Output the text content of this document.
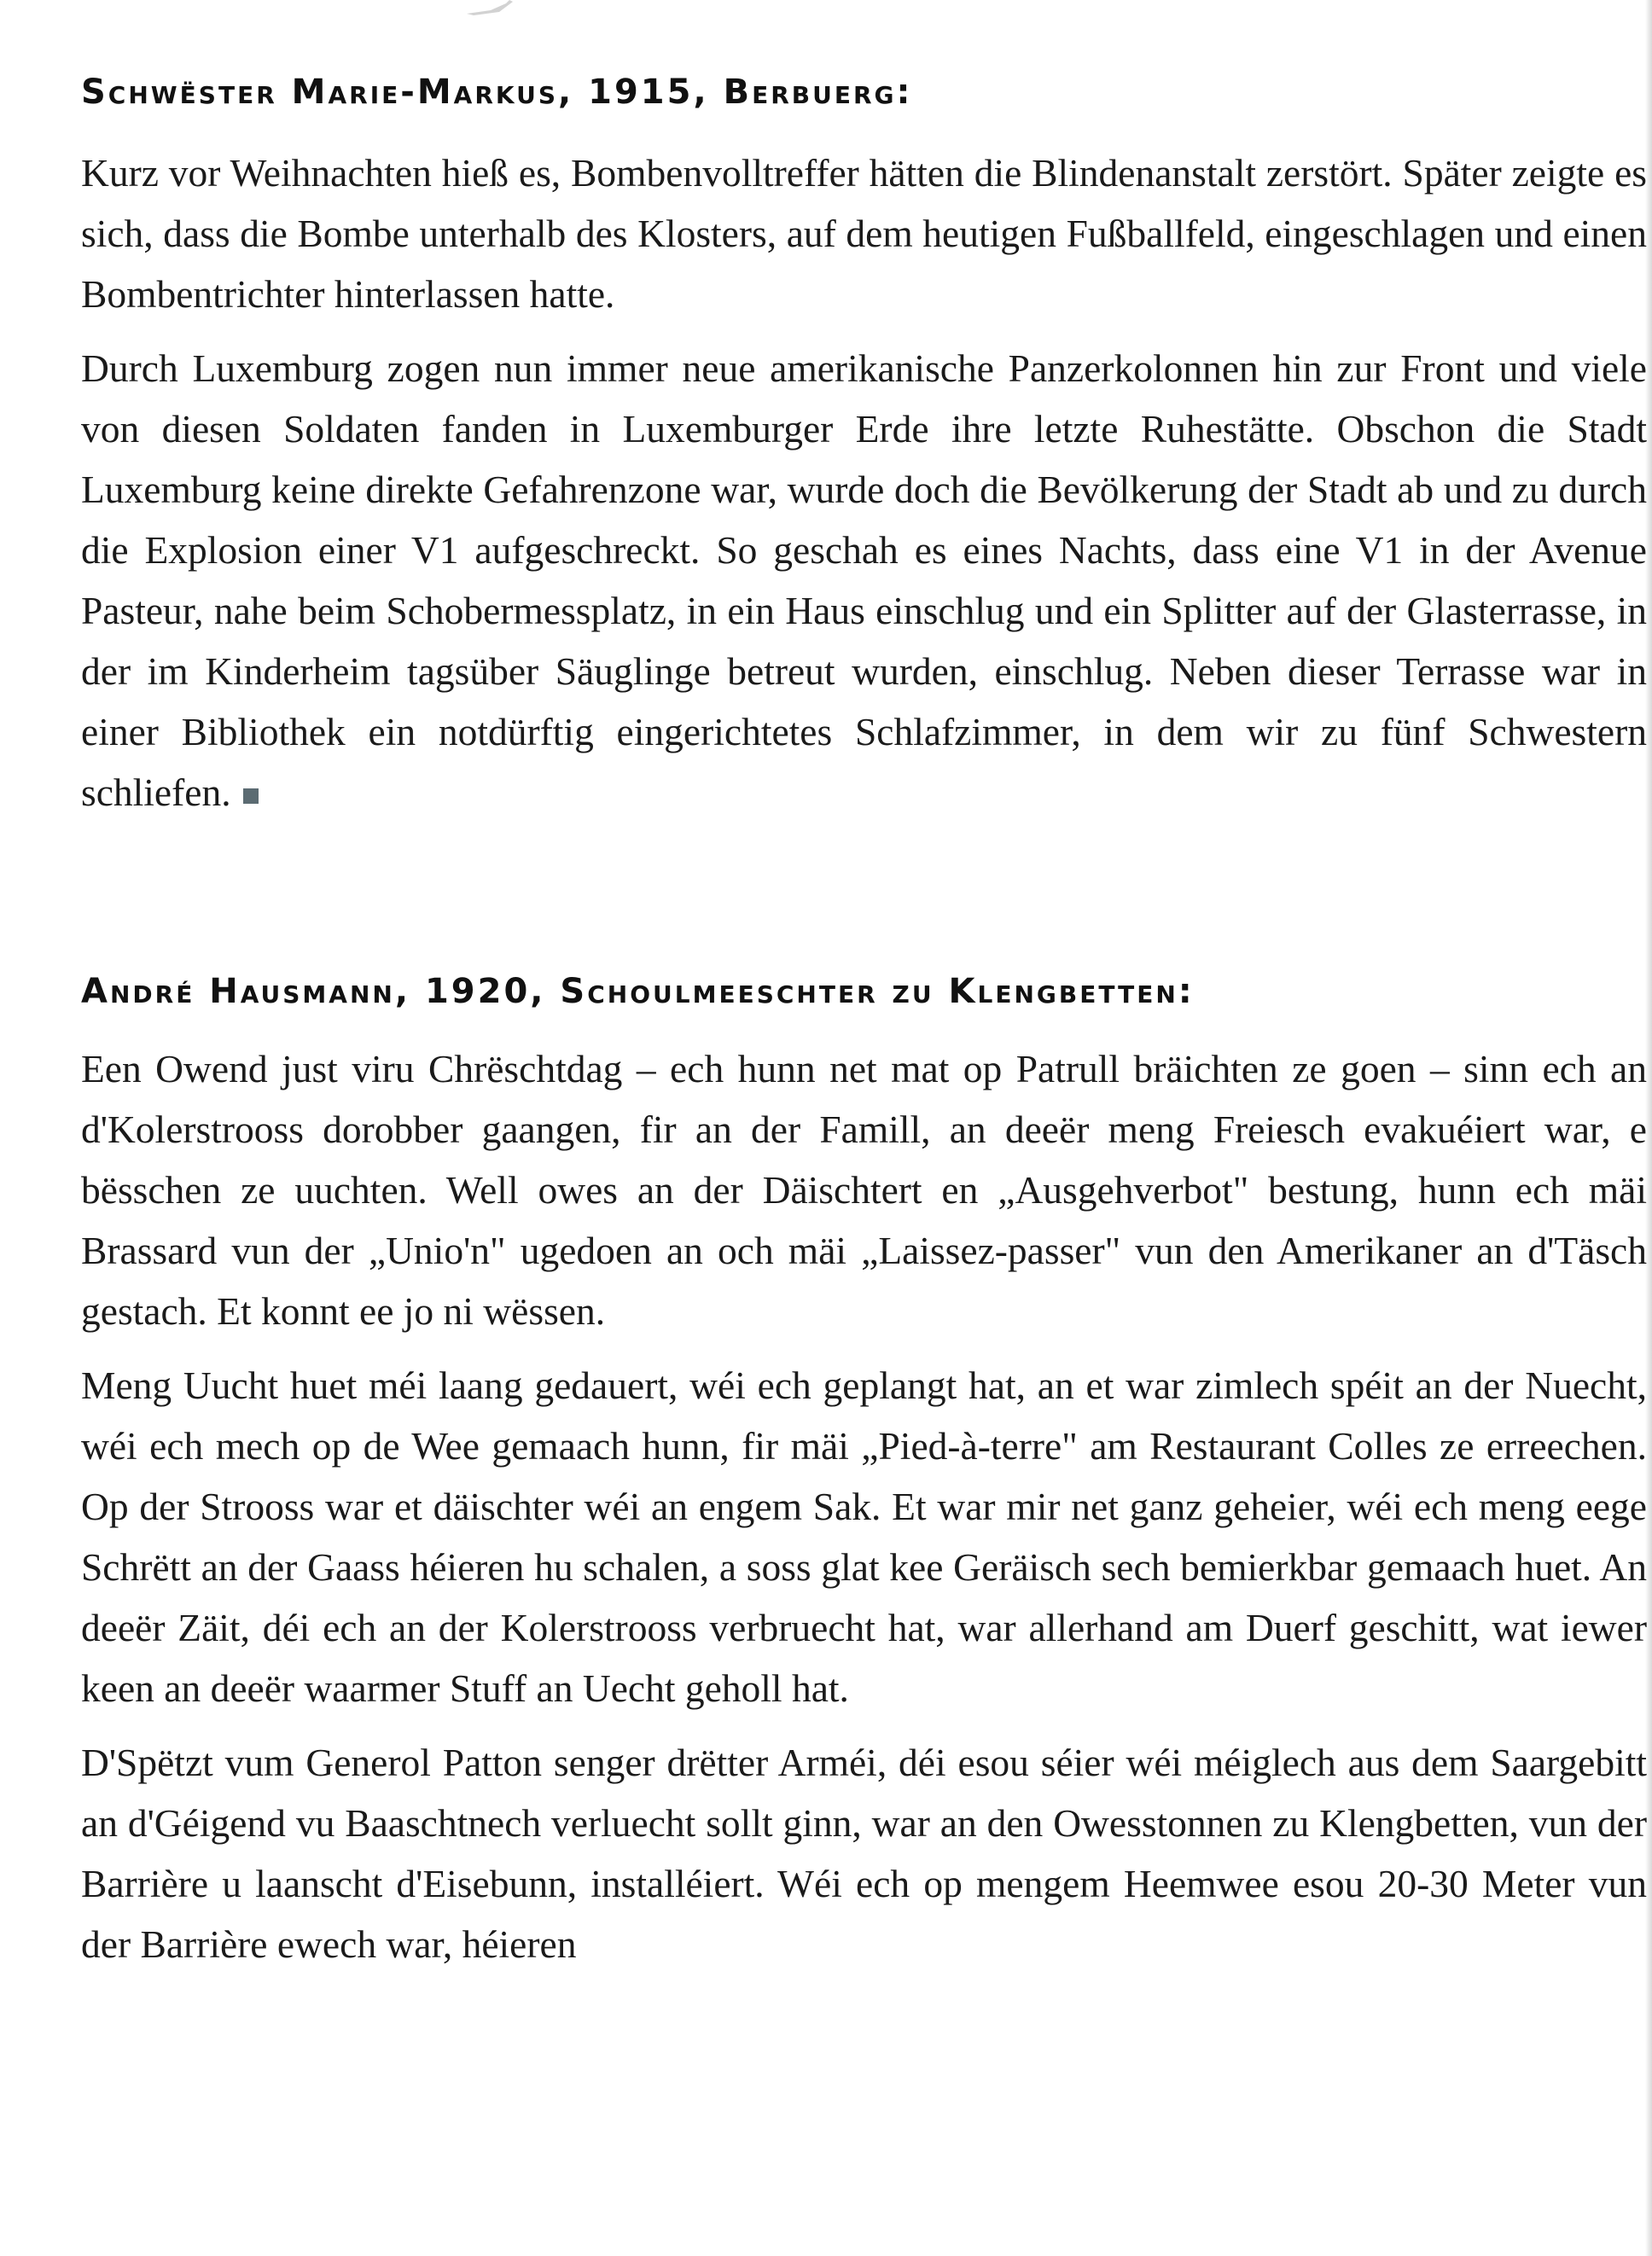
Schwëster Marie-Markus, 1915, Berbuerg:

Kurz vor Weihnachten hieß es, Bombenvolltreffer hätten die Blindenanstalt zerstört. Später zeigte es sich, dass die Bombe unterhalb des Klosters, auf dem heutigen Fußballfeld, eingeschlagen und einen Bombentrichter hinterlassen hatte.

Durch Luxemburg zogen nun immer neue amerikanische Panzerkolonnen hin zur Front und viele von diesen Soldaten fanden in Luxemburger Erde ihre letzte Ruhestätte. Obschon die Stadt Luxemburg keine direkte Gefahrenzone war, wurde doch die Bevölkerung der Stadt ab und zu durch die Explosion einer V1 aufgeschreckt. So geschah es eines Nachts, dass eine V1 in der Avenue Pasteur, nahe beim Schobermessplatz, in ein Haus einschlug und ein Splitter auf der Glasterrasse, in der im Kinderheim tagsüber Säuglinge betreut wurden, einschlug. Neben dieser Terrasse war in einer Bibliothek ein notdürftig eingerichtetes Schlafzimmer, in dem wir zu fünf Schwestern schliefen.

André Hausmann, 1920, Schoulmeeschter zu Klengbetten:

Een Owend just viru Chrëschtdag – ech hunn net mat op Patrull bräichten ze goen – sinn ech an d'Kolerstrooss dorobber gaangen, fir an der Famill, an deeër meng Freiesch evakuéiert war, e bësschen ze uuchten. Well owes an der Däischtert en „Ausgehverbot" bestung, hunn ech mäi Brassard vun der „Unio'n" ugedoen an och mäi „Laissez-passer" vun den Amerikaner an d'Täsch gestach. Et konnt ee jo ni wëssen.

Meng Uucht huet méi laang gedauert, wéi ech geplangt hat, an et war zimlech spéit an der Nuecht, wéi ech mech op de Wee gemaach hunn, fir mäi „Pied-à-terre" am Restaurant Colles ze erreechen. Op der Strooss war et däischter wéi an engem Sak. Et war mir net ganz geheier, wéi ech meng eege Schrëtt an der Gaass héieren hu schalen, a soss glat kee Geräisch sech bemierkbar gemaach huet. An deeër Zäit, déi ech an der Kolerstrooss verbruecht hat, war allerhand am Duerf geschitt, wat iewer keen an deeër waarmer Stuff an Uecht geholl hat.

D'Spëtzt vum Generol Patton senger drëtter Arméi, déi esou séier wéi méiglech aus dem Saargebitt an d'Géigend vu Baaschtnech verluecht sollt ginn, war an den Owesstonnen zu Klengbetten, vun der Barrière u laanscht d'Eisebunn, installéiert. Wéi ech op mengem Heemwee esou 20-30 Meter vun der Barrière ewech war, héieren
